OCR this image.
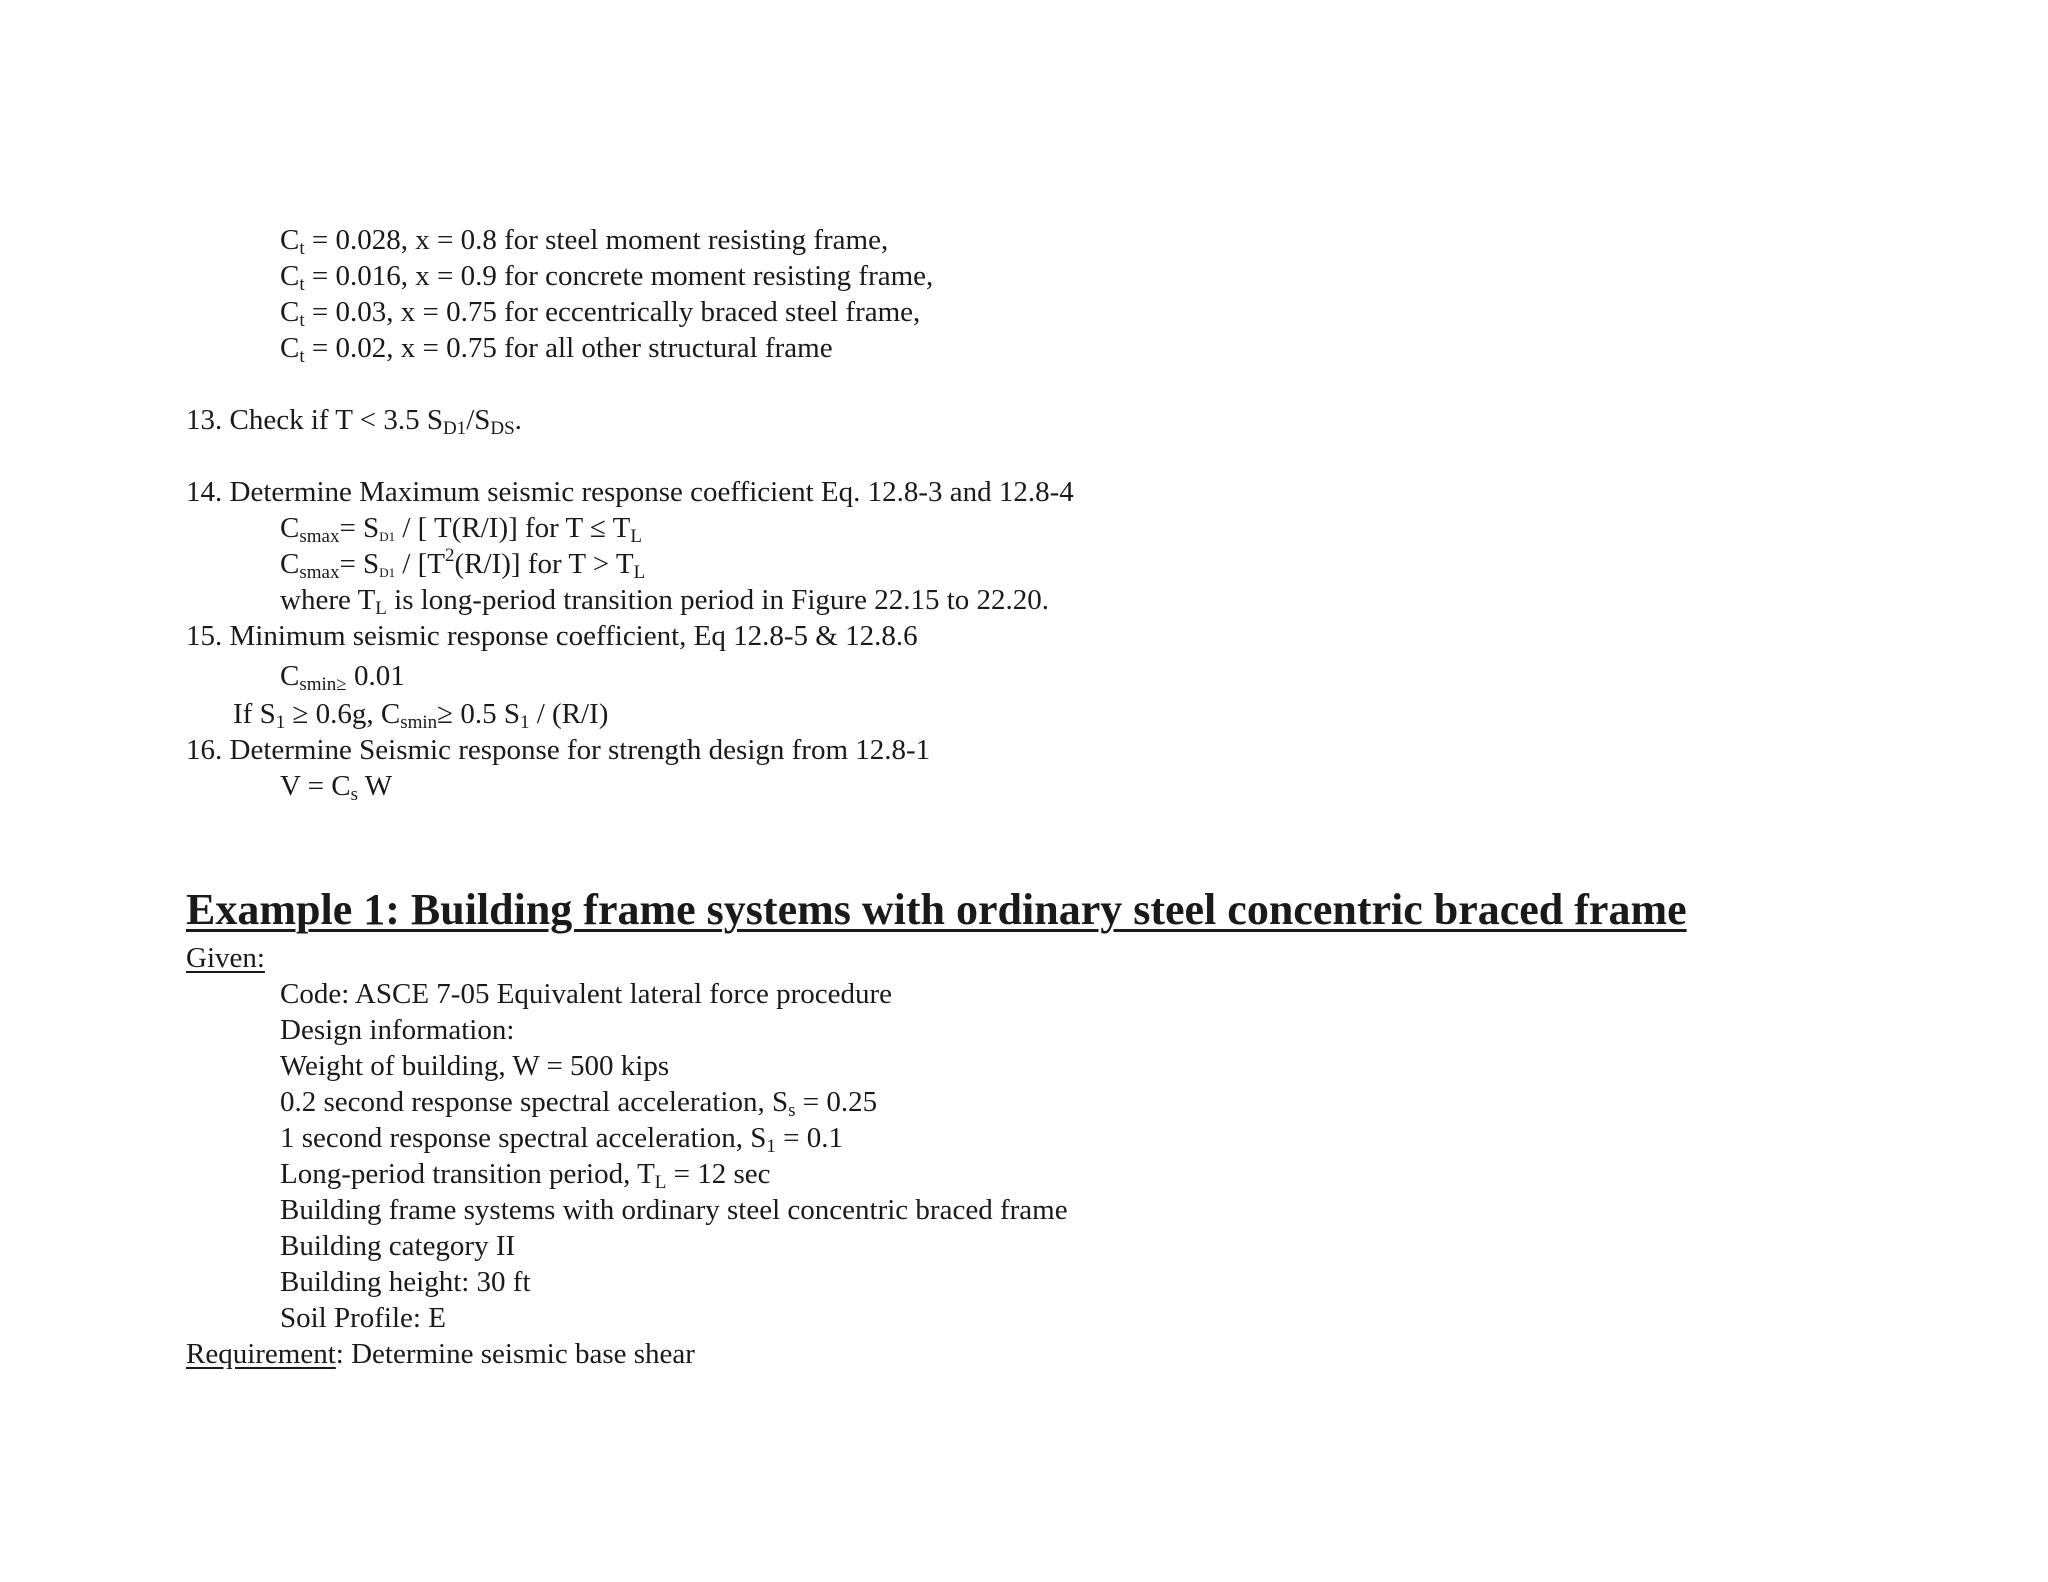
$C_t = 0.028$, x = 0.8 for steel moment resisting frame,

$C_t = 0.016$, x = 0.9 for concrete moment resisting frame,

$C_t = 0.03$, x = 0.75 for eccentrically braced steel frame,

$C_t = 0.02$, x = 0.75 for all other structural frame

13. Check if T < 3.5 $S_{D1}/S_{DS}$.

14. Determine Maximum seismic response coefficient Eq. 12.8-3 and 12.8-4

$C_{smax}= SD1$ / [ T(R/I)] for $T \le T_L$

$C_{smax}= SD1 / [T^2(R/I)]$ for $T > T_L$

where $T_L$ is long-period transition period in Figure 22.15 to 22.20.

15. Minimum seismic response coefficient, Eq 12.8-5 & 12.8.6

$C_{smin\ge}$ 0.01

If $S_1 \ge 0.6g$, $C_{smin}\ge 0.5$ $S_1 / (R/I)$

16. Determine Seismic response for strength design from 12.8-1

$V = C_s$ W

Example 1: Building frame systems with ordinary steel concentric braced frame

Given:

Code: ASCE 7-05 Equivalent lateral force procedure

Design information:

Weight of building, W = 500 kips

0.2 second response spectral acceleration, $S_s = 0.25$

1 second response spectral acceleration, $S_1 = 0.1$

Long-period transition period, $T_L = 12$ sec

Building frame systems with ordinary steel concentric braced frame

Building category II

Building height: 30 ft

Soil Profile: E

Requirement: Determine seismic base shear
